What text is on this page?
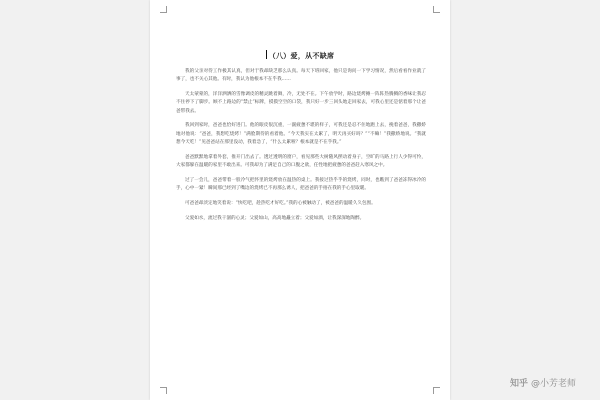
（八）爱，从不缺席

我的父亲对待工作极其认真，但对于我却缺乏那么认真。每天下班回家，他只是询问一下学习情况，然后看看作业就了事了，也不关心其他。有时，我认为他根本不在乎我……

天太蒙蒙的，洋洋洒洒的雪像调皮的精灵跳着舞，冷，无处不在。下午放学时，路边烧烤摊一阵阵热腾腾的香味让我忍不住停下了脚步。顾不上路边的“禁止”标牌，摸摸空空的口袋，我只好一步三回头地走回家去，可我心里还是惦着那个让爸爸带我去。

我回到家时，爸爸也恰好进门。他的眼皮很沉重，一副疲惫不堪的样子，可我还是忍不住地跑上去，挽着爸爸，我撒娇地对他说：“爸爸，我想吃烧烤！”满脸期待的看着他。“今天我实在太累了，明天再买好吗？”“不嘛！”我撒娇地说。“我就想今天吃！”见爸爸站在那里没动，我着急了，“什么太累啦？根本就是不在乎我。”

爸爸默默地拿着外套，推开门出去了。透过透明的窗户，看见那些大树随风摆动着身子，空旷的马路上行人少得可怜，大家都躲在温暖的家里不敢出来。可我却为了满足自己的口腹之欲，任性地把疲惫的爸爸赶入寒风之中。

过了一会儿，爸爸带着一股冷气把怀里的烧烤放在温热的桌上。我接过热乎乎的烧烤，同时，也瞧到了爸爸冻得冰冷的手，心中一紧！瞬间那已经到了嘴边的烧烤已不再那么诱人，把爸爸的手捂在我的手心里取暖。

可爸爸却淡定地笑着说：“快吃吧，趁热吃才好吃。”我的心被触动了，被爸爸的温暖久久包围。

父爱如水，流过我干涸的心灵；父爱如山，高高地矗立着；父爱如酒，让我深深地陶醉。

知乎 @小芳老师
